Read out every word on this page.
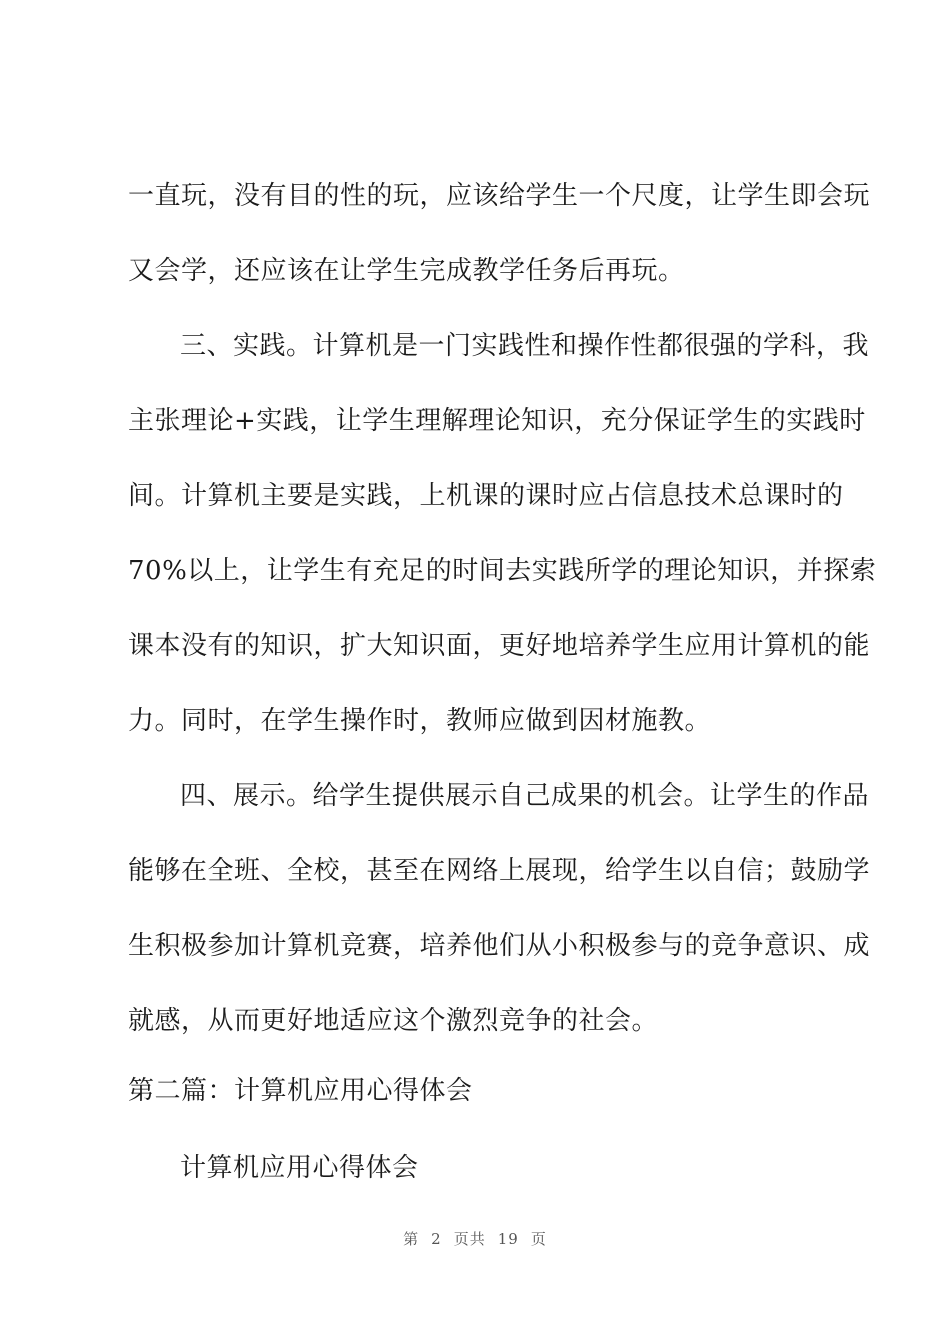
一直玩，没有目的性的玩，应该给学生一个尺度，让学生即会玩
又会学，还应该在让学生完成教学任务后再玩。
三、实践。计算机是一门实践性和操作性都很强的学科，我
主张理论+实践，让学生理解理论知识，充分保证学生的实践时
间。计算机主要是实践，上机课的课时应占信息技术总课时的
70%以上，让学生有充足的时间去实践所学的理论知识，并探索
课本没有的知识，扩大知识面，更好地培养学生应用计算机的能
力。同时，在学生操作时，教师应做到因材施教。
四、展示。给学生提供展示自己成果的机会。让学生的作品
能够在全班、全校，甚至在网络上展现，给学生以自信；鼓励学
生积极参加计算机竞赛，培养他们从小积极参与的竞争意识、成
就感，从而更好地适应这个激烈竞争的社会。
第二篇：计算机应用心得体会
计算机应用心得体会
第 2 页共 19 页
